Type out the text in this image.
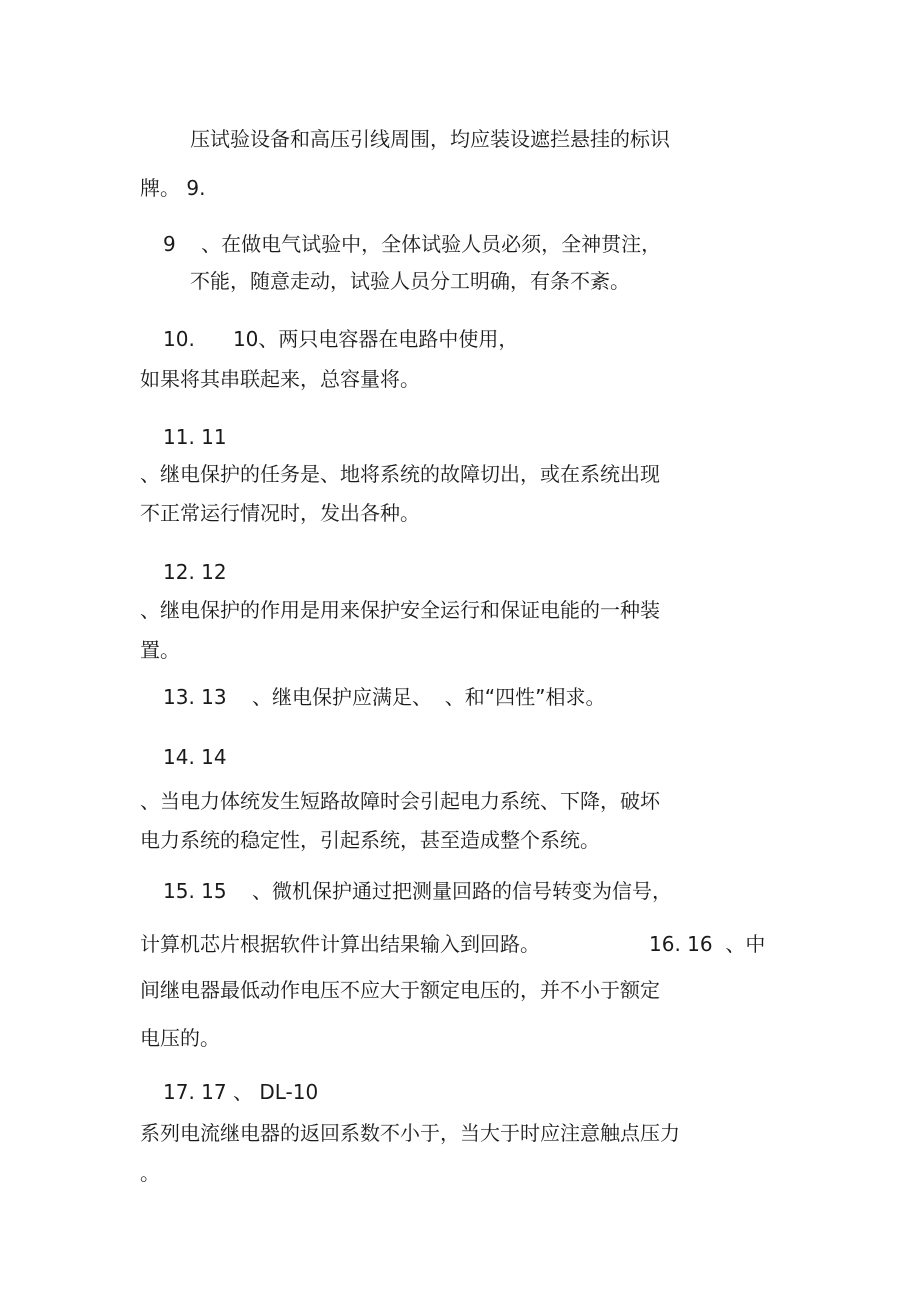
压试验设备和高压引线周围，均应装设遮拦悬挂的标识
牌。 9.
9    、在做电气试验中，全体试验人员必须，全神贯注，
不能，随意走动，试验人员分工明确，有条不紊。
10.      10、两只电容器在电路中使用，
如果将其串联起来，总容量将。
11. 11
、继电保护的任务是、地将系统的故障切出，或在系统出现
不正常运行情况时，发出各种。
12. 12
、继电保护的作用是用来保护安全运行和保证电能的一种装
置。
13. 13    、继电保护应满足、  、和“四性”相求。
14. 14
、当电力体统发生短路故障时会引起电力系统、下降，破坏
电力系统的稳定性，引起系统，甚至造成整个系统。
15. 15    、微机保护通过把测量回路的信号转变为信号，
计算机芯片根据软件计算出结果输入到回路。	16. 16  、中
间继电器最低动作电压不应大于额定电压的，并不小于额定
电压的。
17. 17 、 DL-10
系列电流继电器的返回系数不小于，当大于时应注意触点压力
。
